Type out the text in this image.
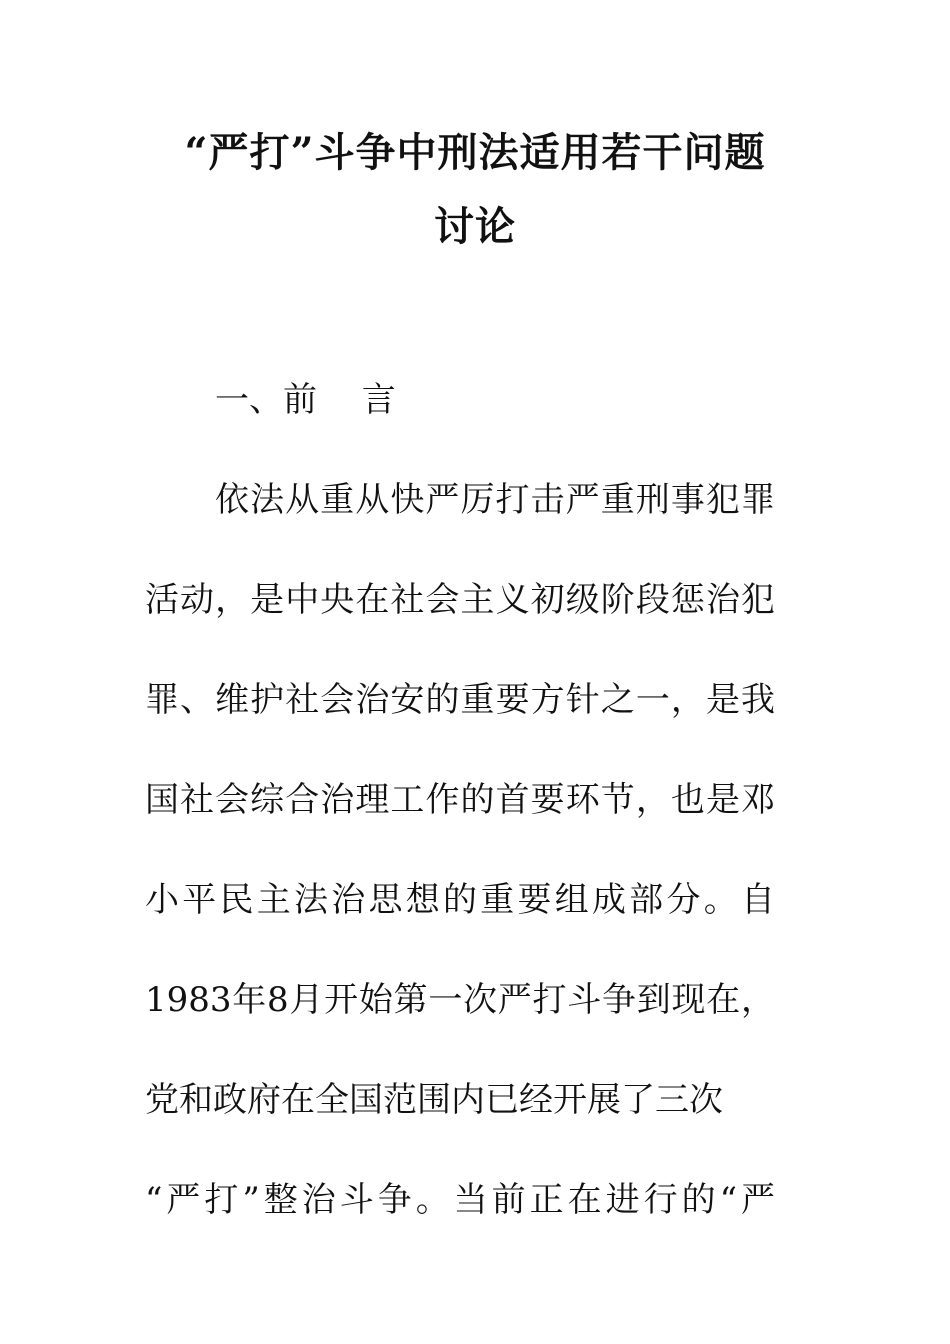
“严打”斗争中刑法适用若干问题
讨论
一、前　 言
依法从重从快严厉打击严重刑事犯罪
活动，是中央在社会主义初级阶段惩治犯
罪、维护社会治安的重要方针之一，是我
国社会综合治理工作的首要环节，也是邓
小平民主法治思想的重要组成部分。自
1983年8月开始第一次严打斗争到现在，
党和政府在全国范围内已经开展了三次
“严打”整治斗争。当前正在进行的“严
